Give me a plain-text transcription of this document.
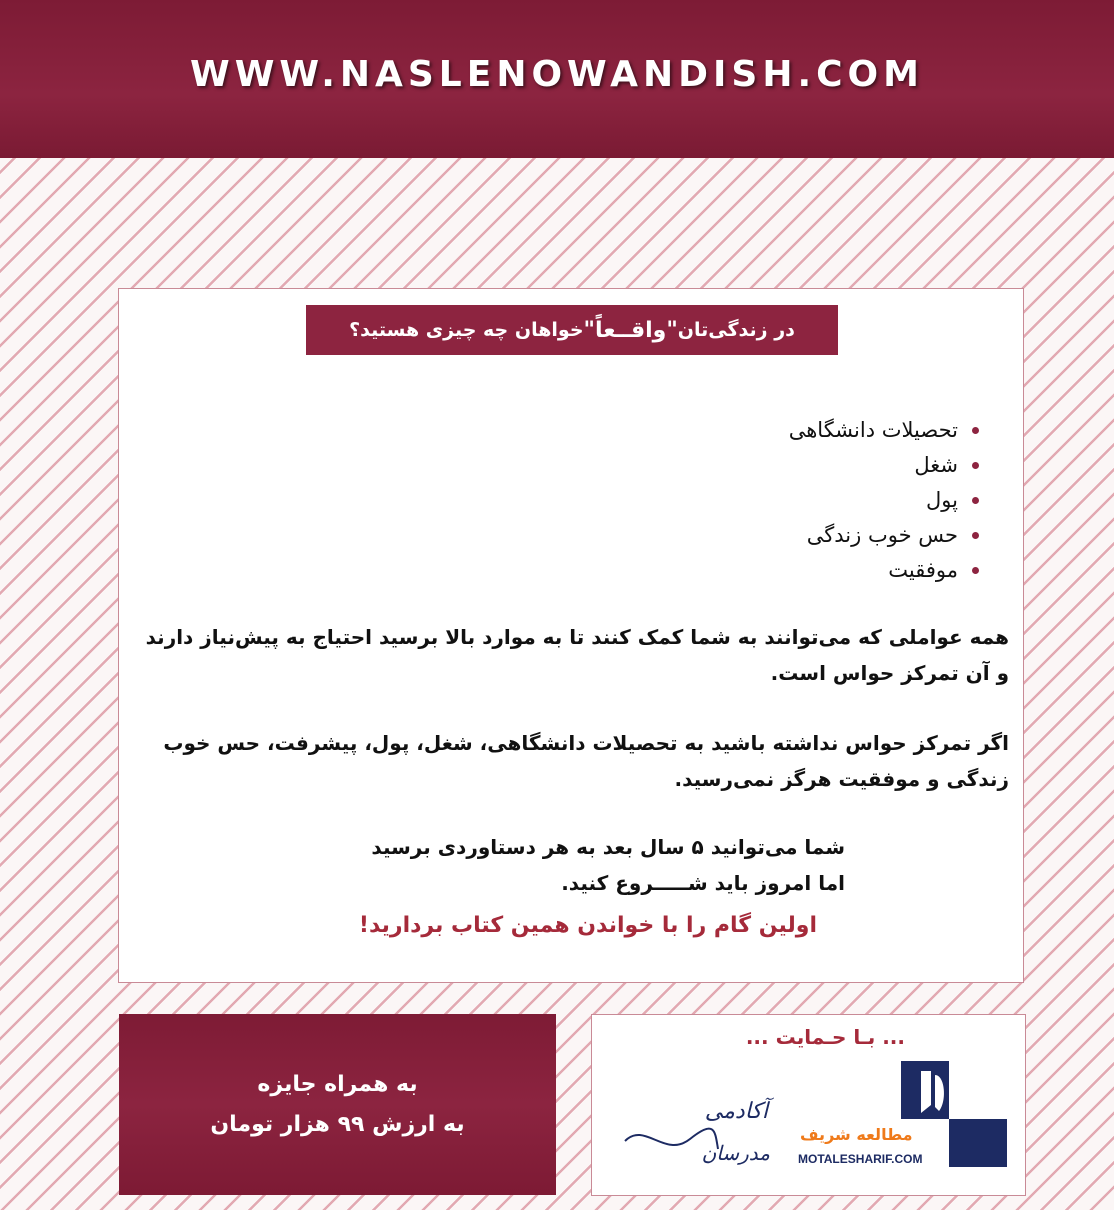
WWW.NASLENOWANDISH.COM
در زندگی‌تان
"واقــعاً"
خواهان چه چیزی هستید؟
تحصیلات دانشگاهی
شغل
پول
حس خوب زندگی
موفقیت
همه عواملی که می‌توانند به شما کمک کنند تا به موارد بالا برسید احتیاج به پیش‌نیاز دارند و آن تمرکز حواس است.
اگر تمرکز حواس نداشته باشید به تحصیلات دانشگاهی، شغل، پول، پیشرفت، حس خوب زندگی و موفقیت هرگز نمی‌رسید.
شما می‌توانید ۵ سال بعد به هر دستاوردی برسید
اما امروز باید شـــــروع کنید.
اولین گام را با خواندن همین کتاب بردارید!
به همراه جایزه
به ارزش ۹۹ هزار تومان
... بـا حـمایت ...
آکادمی
مدرسان
مطالعه شریف
MOTALESHARIF.COM
